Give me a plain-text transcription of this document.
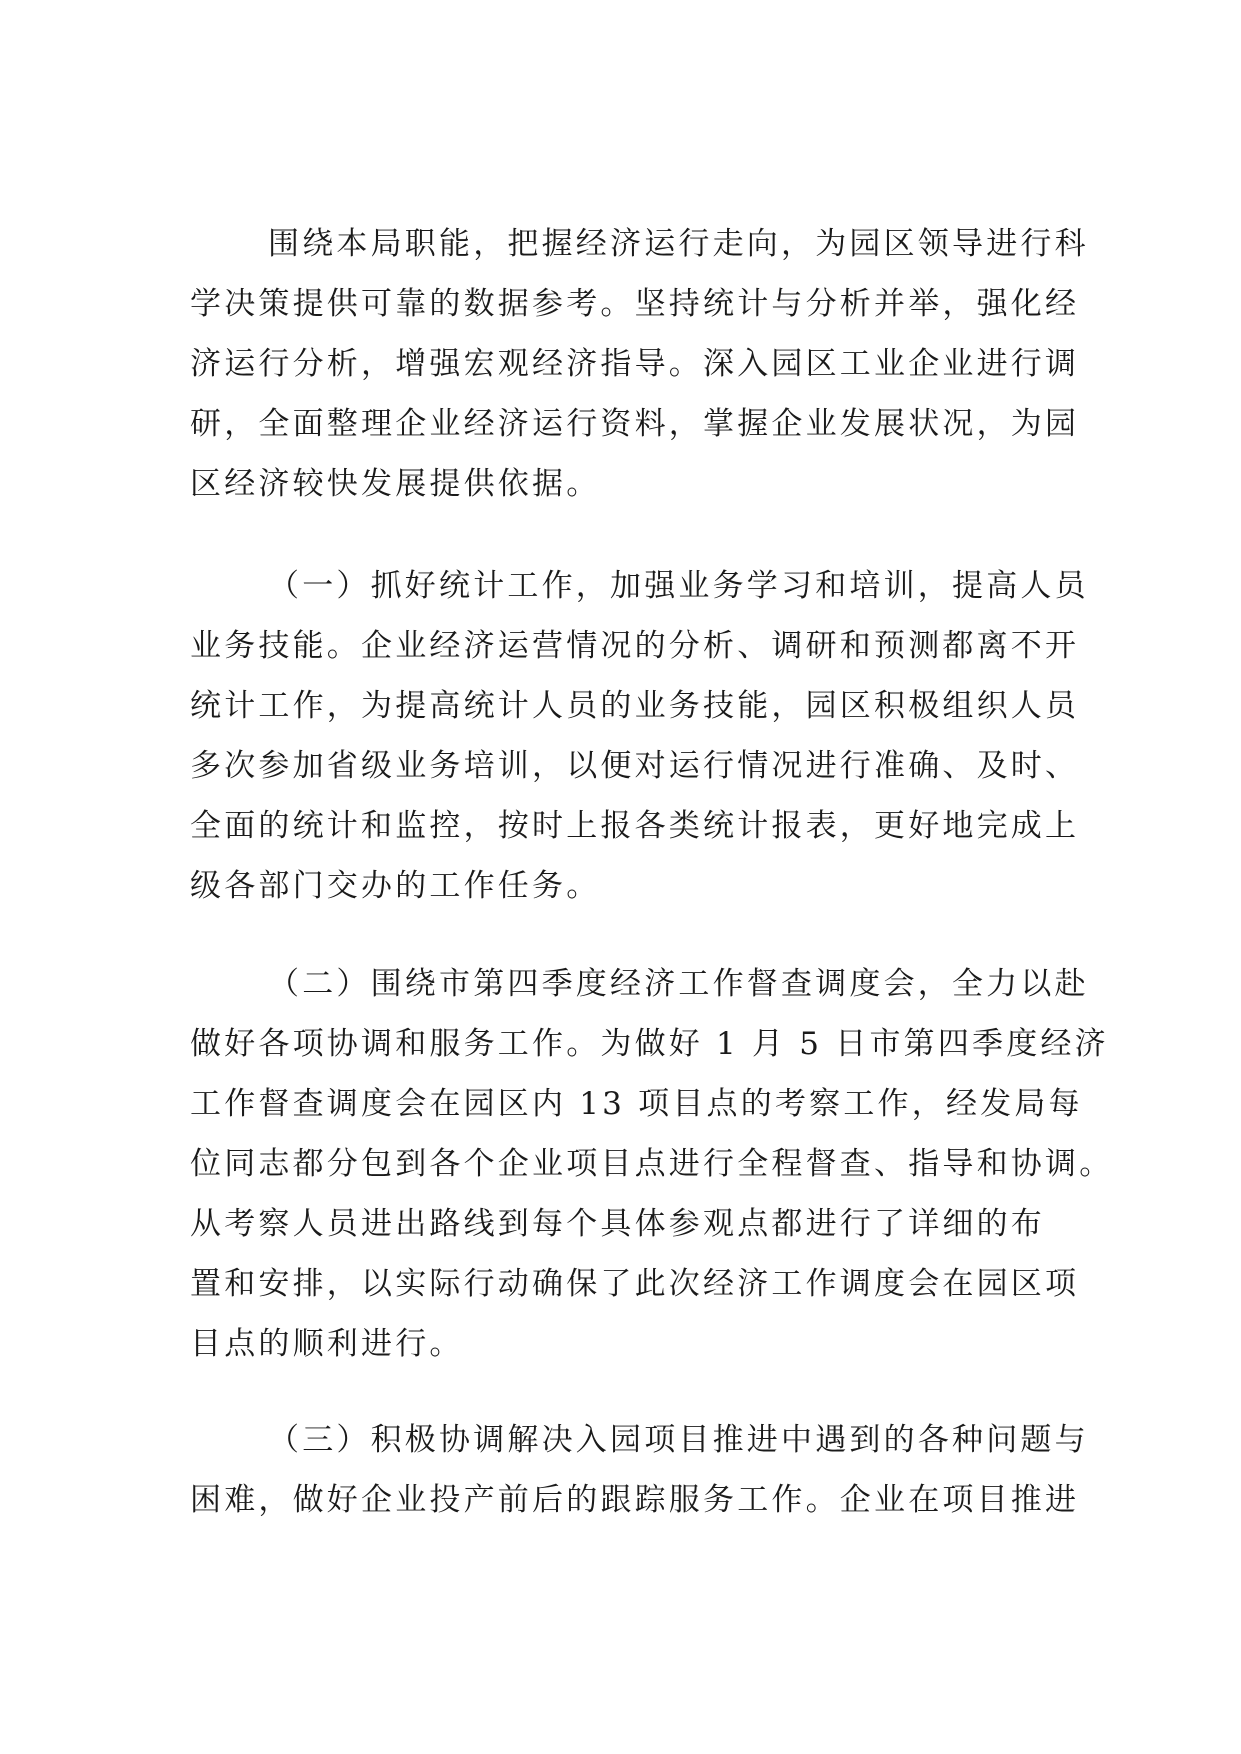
围绕本局职能，把握经济运行走向，为园区领导进行科
学决策提供可靠的数据参考。坚持统计与分析并举，强化经
济运行分析，增强宏观经济指导。深入园区工业企业进行调
研，全面整理企业经济运行资料，掌握企业发展状况，为园
区经济较快发展提供依据。
（一）抓好统计工作，加强业务学习和培训，提高人员
业务技能。企业经济运营情况的分析、调研和预测都离不开
统计工作，为提高统计人员的业务技能，园区积极组织人员
多次参加省级业务培训，以便对运行情况进行准确、及时、
全面的统计和监控，按时上报各类统计报表，更好地完成上
级各部门交办的工作任务。
（二）围绕市第四季度经济工作督查调度会，全力以赴
做好各项协调和服务工作。为做好 1 月 5 日市第四季度经济
工作督查调度会在园区内 13 项目点的考察工作，经发局每
位同志都分包到各个企业项目点进行全程督查、指导和协调。
从考察人员进出路线到每个具体参观点都进行了详细的布
置和安排，以实际行动确保了此次经济工作调度会在园区项
目点的顺利进行。
（三）积极协调解决入园项目推进中遇到的各种问题与
困难，做好企业投产前后的跟踪服务工作。企业在项目推进
